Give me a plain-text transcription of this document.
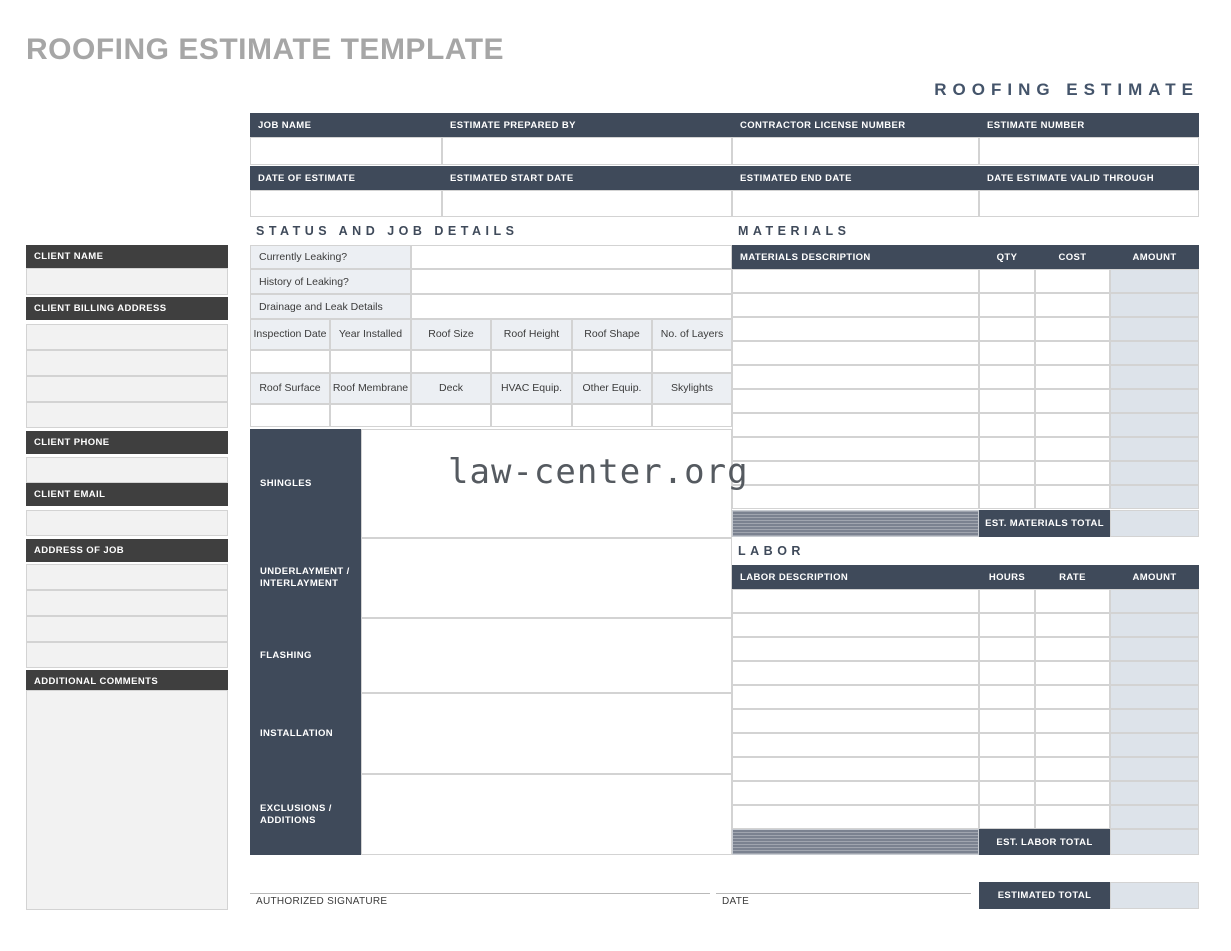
ROOFING ESTIMATE TEMPLATE
ROOFING ESTIMATE
JOB NAME	ESTIMATE PREPARED BY	CONTRACTOR LICENSE NUMBER	ESTIMATE NUMBER
DATE OF ESTIMATE	ESTIMATED START DATE	ESTIMATED END DATE	DATE ESTIMATE VALID THROUGH
STATUS AND JOB DETAILS	MATERIALS
LABOR
Currently Leaking?
History of Leaking?
Drainage and Leak Details
Inspection Date	Year Installed	Roof Size	Roof Height	Roof Shape	No. of Layers
Roof Surface	Roof Membrane	Deck	HVAC Equip.	Other Equip.	Skylights
SHINGLES
UNDERLAYMENT /
INTERLAYMENT
FLASHING
INSTALLATION
EXCLUSIONS /
ADDITIONS
MATERIALS DESCRIPTION	QTY	COST	AMOUNT
EST. MATERIALS TOTAL
LABOR DESCRIPTION	HOURS	RATE	AMOUNT
EST. LABOR TOTAL
CLIENT NAME
CLIENT BILLING ADDRESS
CLIENT PHONE
CLIENT EMAIL
ADDRESS OF JOB
ADDITIONAL COMMENTS
AUTHORIZED SIGNATURE	DATE
ESTIMATED TOTAL
law-center.org
